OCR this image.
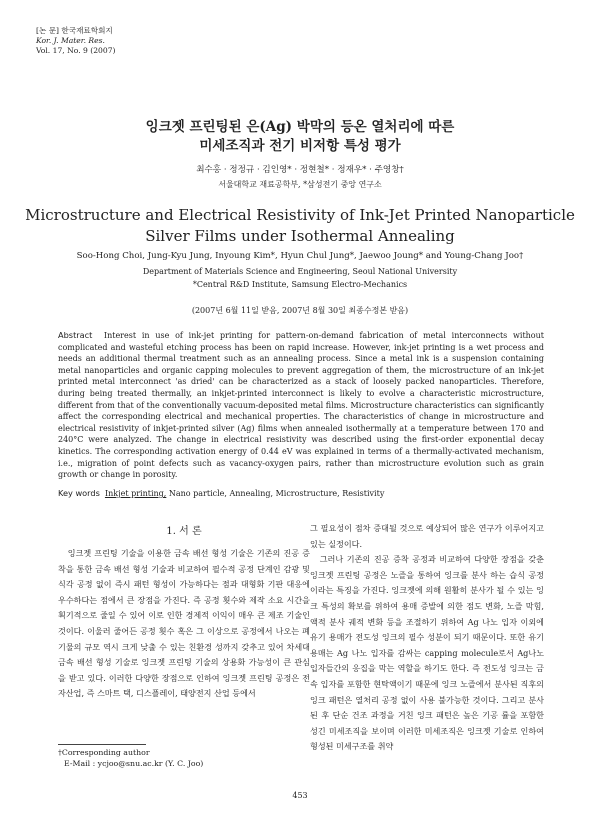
[논 문] 한국재료학회지
Kor. J. Mater. Res.
Vol. 17, No. 9 (2007)
잉크젯 프린팅된 은(Ag) 박막의 등온 열처리에 따른
미세조직과 전기 비저항 특성 평가
최수홍 · 정정규 · 김인영* · 정현철* · 정재우* · 주영창†
서울대학교 재료공학부, *삼성전기 중앙 연구소
Microstructure and Electrical Resistivity of Ink-Jet Printed Nanoparticle
Silver Films under Isothermal Annealing
Soo-Hong Choi, Jung-Kyu Jung, Inyoung Kim*, Hyun Chul Jung*, Jaewoo Joung* and Young-Chang Joo†
Department of Materials Science and Engineering, Seoul National University
*Central R&D Institute, Samsung Electro-Mechanics
(2007년 6월 11일 받음, 2007년 8월 30일 최종수정본 받음)
Abstract Interest in use of ink-jet printing for pattern-on-demand fabrication of metal interconnects without complicated and wasteful etching process has been on rapid increase. However, ink-jet printing is a wet process and needs an additional thermal treatment such as an annealing process. Since a metal ink is a suspension containing metal nanoparticles and organic capping molecules to prevent aggregation of them, the microstructure of an ink-jet printed metal interconnect 'as dried' can be characterized as a stack of loosely packed nanoparticles. Therefore, during being treated thermally, an inkjet-printed interconnect is likely to evolve a characteristic microstructure, different from that of the conventionally vacuum-deposited metal films. Microstructure characteristics can significantly affect the corresponding electrical and mechanical properties. The characteristics of change in microstructure and electrical resistivity of inkjet-printed silver (Ag) films when annealed isothermally at a temperature between 170 and 240°C were analyzed. The change in electrical resistivity was described using the first-order exponential decay kinetics. The corresponding activation energy of 0.44 eV was explained in terms of a thermally-activated mechanism, i.e., migration of point defects such as vacancy-oxygen pairs, rather than microstructure evolution such as grain growth or change in porosity.
Key words Inkjet printing, Nano particle, Annealing, Microstructure, Resistivity
1. 서 론

잉크젯 프린팅 기술을 이용한 금속 배선 형성 기술은 기존의 진공 증착을 통한 금속 배선 형성 기술과 비교하여 필수적 공정 단계인 감광 및 식각 공정 없이 즉시 패턴 형성이 가능하다는 점과 대형화 기판 대응에 우수하다는 점에서 큰 장점을 가진다. 즉 공정 횟수와 제작 소요 시간을 획기적으로 줄일 수 있어 이로 인한 경제적 이익이 매우 큰 제조 기술인 것이다. 이울러 줄어든 공정 횟수 혹은 그 이상으로 공정에서 나오는 폐기물의 규모 역시 크게 낮출 수 있는 친환경 성까지 갖추고 있어 차세대 금속 배선 형성 기술로 잉크젯 프린팅 기술의 상용화 가능성이 큰 관심을 받고 있다. 이러한 다양한 장점으로 인하여 잉크젯 프린팅 공정은 전자산업, 즉 스마트 택, 디스플레이, 태양전지 산업 등에서

그 필요성이 점차 증대될 것으로 예상되어 많은 연구가 이루어지고 있는 실정이다.

그러나 기존의 진공 증착 공정과 비교하여 다양한 장점을 갖춘 잉크젯 프린팅 공정은 노즐을 통하여 잉크를 분사 하는 습식 공정이라는 특징을 가진다. 잉크젯에 의해 원활히 분사가 될 수 있는 잉크 특성의 확보를 위하여 용매 증발에 의한 점도 변화, 노즐 막힘, 액적 분사 궤적 변화 등을 조절하기 위하여 Ag 나노 입자 이외에 유기 용매가 전도성 잉크의 필수 성분이 되기 때문이다. 또한 유기 용매는 Ag 나노 입자를 감싸는 capping molecule로서 Ag나노 입자들간의 응집을 막는 역할을 하기도 한다. 즉 전도성 잉크는 금속 입자를 포함한 현탁액이기 때문에 잉크 노즐에서 분사된 직후의 잉크 패턴은 열처리 공정 없이 사용 불가능한 것이다. 그리고 분사된 후 단순 건조 과정을 거친 잉크 패턴은 높은 기공 률을 포함한 성긴 미세조직을 보이며 이러한 미세조직은 잉크젯 기술로 인하여 형성된 미세구조를 취약

†Corresponding author
E-Mail : ycjoo@snu.ac.kr (Y. C. Joo)
453
